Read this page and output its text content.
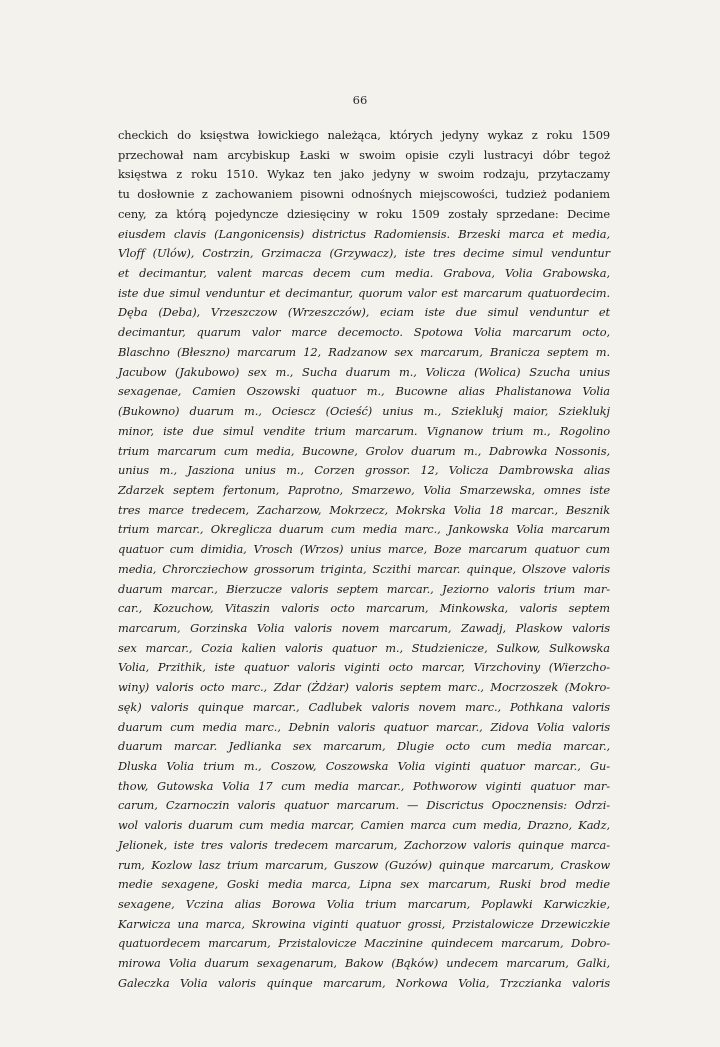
66
checkich do księstwa łowickiego należąca, których jedyny wykaz z roku 1509
przechował nam arcybiskup Łaski w swoim opisie czyli lustracyi dóbr tegoż
księstwa z roku 1510. Wykaz ten jako jedyny w swoim rodzaju, przytaczamy
tu dosłownie z zachowaniem pisowni odnośnych miejscowości, tudzież podaniem
ceny, za którą pojedyncze dziesięciny w roku 1509 zostały sprzedane: Decime
eiusdem clavis (Langonicensis) districtus Radomiensis. Brzeski marca et media,
Vloff (Ulów), Costrzin, Grzimacza (Grzywacz), iste tres decime simul venduntur
et decimantur, valent marcas decem cum media. Grabova, Volia Grabowska,
iste due simul venduntur et decimantur, quorum valor est marcarum quatuordecim.
Dęba (Deba), Vrzeszczow (Wrzeszczów), eciam iste due simul venduntur et
decimantur, quarum valor marce decemocto. Spotowa Volia marcarum octo,
Blaschno (Błeszno) marcarum 12, Radzanow sex marcarum, Branicza septem m.
Jacubow (Jakubowo) sex m., Sucha duarum m., Volicza (Wolica) Szucha unius
sexagenae, Camien Oszowski quatuor m., Bucowne alias Phalistanowa Volia
(Bukowno) duarum m., Ociescz (Ocieść) unius m., Szieklukj maior, Szieklukj
minor, iste due simul vendite trium marcarum. Vignanow trium m., Rogolino
trium marcarum cum media, Bucowne, Grolov duarum m., Dabrowka Nossonis,
unius m., Jasziona unius m., Corzen grossor. 12, Volicza Dambrowska alias
Zdarzek septem fertonum, Paprotno, Smarzewo, Volia Smarzewska, omnes iste
tres marce tredecem, Zacharzow, Mokrzecz, Mokrska Volia 18 marcar., Besznik
trium marcar., Okreglicza duarum cum media marc., Jankowska Volia marcarum
quatuor cum dimidia, Vrosch (Wrzos) unius marce, Boze marcarum quatuor cum
media, Chrorcziechow grossorum triginta, Sczithi marcar. quinque, Olszove valoris
duarum marcar., Bierzucze valoris septem marcar., Jeziorno valoris trium mar-
car., Kozuchow, Vitaszin valoris octo marcarum, Minkowska, valoris septem
marcarum, Gorzinska Volia valoris novem marcarum, Zawadj, Plaskow valoris
sex marcar., Cozia kalien valoris quatuor m., Studzienicze, Sulkow, Sulkowska
Volia, Przithik, iste quatuor valoris viginti octo marcar, Virzchoviny (Wierzcho-
winy) valoris octo marc., Zdar (Żdżar) valoris septem marc., Mocrzoszek (Mokro-
sęk) valoris quinque marcar., Cadlubek valoris novem marc., Pothkana valoris
duarum cum media marc., Debnin valoris quatuor marcar., Zidova Volia valoris
duarum marcar. Jedlianka sex marcarum, Dlugie octo cum media marcar.,
Dluska Volia trium m., Coszow, Coszowska Volia viginti quatuor marcar., Gu-
thow, Gutowska Volia 17 cum media marcar., Pothworow viginti quatuor mar-
carum, Czarnoczin valoris quatuor marcarum. — Discrictus Opocznensis: Odrzi-
wol valoris duarum cum media marcar, Camien marca cum media, Drazno, Kadz,
Jelionek, iste tres valoris tredecem marcarum, Zachorzow valoris quinque marca-
rum, Kozlow lasz trium marcarum, Guszow (Guzów) quinque marcarum, Craskow
medie sexagene, Goski media marca, Lipna sex marcarum, Ruski brod medie
sexagene, Vczina alias Borowa Volia trium marcarum, Poplawki Karwiczkie,
Karwicza una marca, Skrowina viginti quatuor grossi, Przistalowicze Drzewiczkie
quatuordecem marcarum, Przistalovicze Maczinine quindecem marcarum, Dobro-
mirowa Volia duarum sexagenarum, Bakow (Bąków) undecem marcarum, Galki,
Galeczka Volia valoris quinque marcarum, Norkowa Volia, Trzczianka valoris
